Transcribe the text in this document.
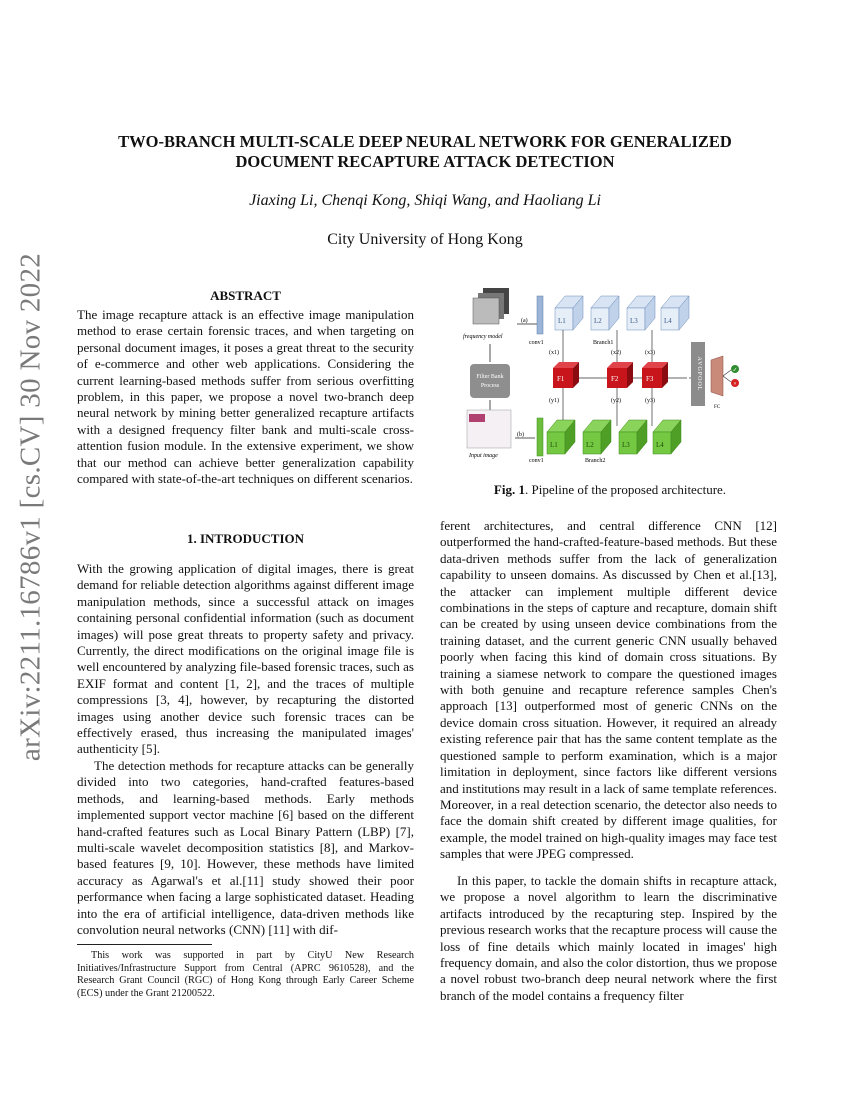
arXiv:2211.16786v1 [cs.CV] 30 Nov 2022
TWO-BRANCH MULTI-SCALE DEEP NEURAL NETWORK FOR GENERALIZED
DOCUMENT RECAPTURE ATTACK DETECTION
Jiaxing Li, Chenqi Kong, Shiqi Wang, and Haoliang Li
City University of Hong Kong
ABSTRACT

The image recapture attack is an effective image manipulation method to erase certain forensic traces, and when targeting on personal document images, it poses a great threat to the security of e-commerce and other web applications. Considering the current learning-based methods suffer from serious overfitting problem, in this paper, we propose a novel two-branch deep neural network by mining better generalized recapture artifacts with a designed frequency filter bank and multi-scale cross-attention fusion module. In the extensive experiment, we show that our method can achieve better generalization capability compared with state-of-the-art techniques on different scenarios.

1. INTRODUCTION

With the growing application of digital images, there is great demand for reliable detection algorithms against different image manipulation methods, since a successful attack on images containing personal confidential information (such as document images) will pose great threats to property safety and privacy. Currently, the direct modifications on the original image file is well encountered by analyzing file-based forensic traces, such as EXIF format and content [1, 2], and the traces of multiple compressions [3, 4], however, by recapturing the distorted images using another device such forensic traces can be effectively erased, thus increasing the manipulated images' authenticity [5].

The detection methods for recapture attacks can be generally divided into two categories, hand-crafted features-based methods, and learning-based methods. Early methods implemented support vector machine [6] based on the different hand-crafted features such as Local Binary Pattern (LBP) [7], multi-scale wavelet decomposition statistics [8], and Markov-based features [9, 10]. However, these methods have limited accuracy as Agarwal's et al.[11] study showed their poor performance when facing a large sophisticated dataset. Heading into the era of artificial intelligence, data-driven methods like convolution neural networks (CNN) [11] with dif-

This work was supported in part by CityU New Research Initiatives/Infrastructure Support from Central (APRC 9610528), and the Research Grant Council (RGC) of Hong Kong through Early Career Scheme (ECS) under the Grant 21200522.

ferent architectures, and central difference CNN [12] outperformed the hand-crafted-feature-based methods. But these data-driven methods suffer from the lack of generalization capability to unseen domains. As discussed by Chen et al.[13], the attacker can implement multiple different device combinations in the steps of capture and recapture, domain shift can be created by using unseen device combinations from the training dataset, and the current generic CNN usually behaved poorly when facing this kind of domain cross situations. By training a siamese network to compare the questioned images with both genuine and recapture reference samples Chen's approach [13] outperformed most of generic CNNs on the device domain cross situation. However, it required an already existing reference pair that has the same content template as the questioned sample to perform examination, which is a major limitation in deployment, since factors like different versions and institutions may result in a lack of same template references. Moreover, in a real detection scenario, the detector also needs to face the domain shift created by different image qualities, for example, the model trained on high-quality images may face test samples that were JPEG compressed.

In this paper, to tackle the domain shifts in recapture attack, we propose a novel algorithm to learn the discriminative artifacts introduced by the recapturing step. Inspired by the previous research works that the recapture process will cause the loss of fine details which mainly located in images' high frequency domain, and also the color distortion, thus we propose a novel robust two-branch deep neural network where the first branch of the model contains a frequency filter

frequency model
(a)
Filter Bank
Process
Input image
(b)
conv1
conv1
L1	L2	L3	L4
Branch1
(x1)	(x2)	(x3)
F1	F2	F3
(y1)	(y2)	(y3)
L1	L2	L3	L4
Branch2
AVGPOOL
FC
✓
×
Fig. 1. Pipeline of the proposed architecture.
